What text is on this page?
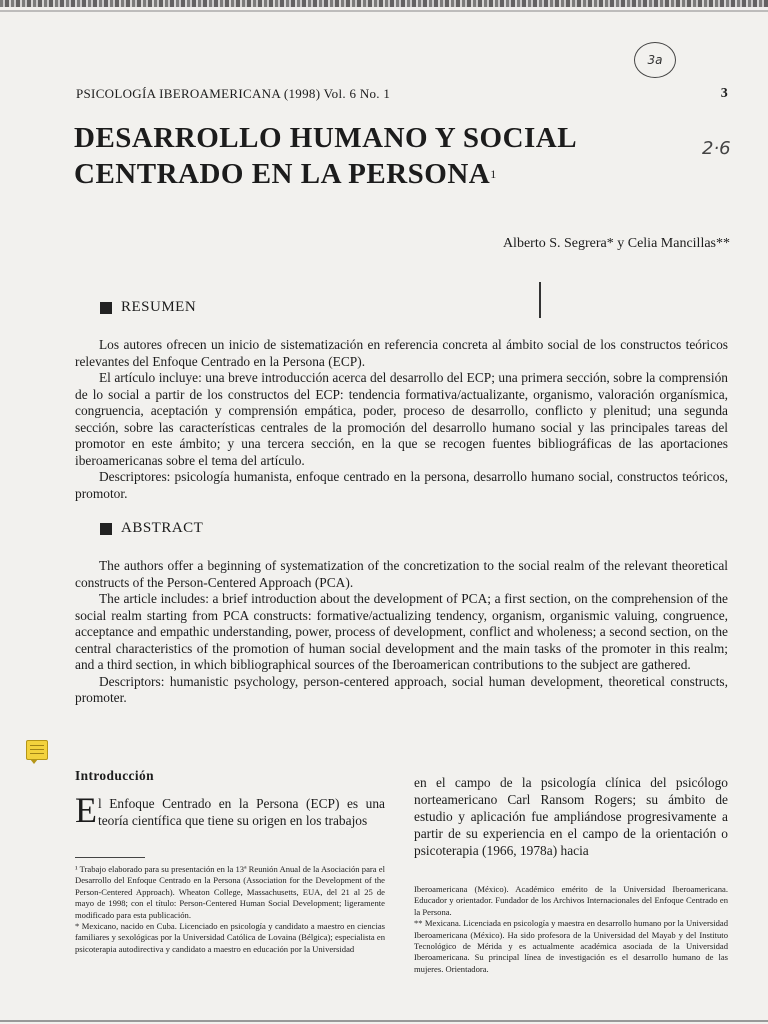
3a
2·6
PSICOLOGÍA IBEROAMERICANA (1998) Vol. 6 No. 1	3
DESARROLLO HUMANO Y SOCIAL
CENTRADO EN LA PERSONA$^1$
Alberto S. Segrera* y Celia Mancillas**
RESUMEN

Los autores ofrecen un inicio de sistematización en referencia concreta al ámbito social de los constructos teóricos relevantes del Enfoque Centrado en la Persona (ECP).

El artículo incluye: una breve introducción acerca del desarrollo del ECP; una primera sección, sobre la comprensión de lo social a partir de los constructos del ECP: tendencia formativa/actualizante, organismo, valoración organísmica, congruencia, aceptación y comprensión empática, poder, proceso de desarrollo, conflicto y plenitud; una segunda sección, sobre las características centrales de la promoción del desarrollo humano social y las principales tareas del promotor en este ámbito; y una tercera sección, en la que se recogen fuentes bibliográficas de las aportaciones iberoamericanas sobre el tema del artículo.

Descriptores: psicología humanista, enfoque centrado en la persona, desarrollo humano social, constructos teóricos, promotor.

ABSTRACT

The authors offer a beginning of systematization of the concretization to the social realm of the relevant theoretical constructs of the Person-Centered Approach (PCA).

The article includes: a brief introduction about the development of PCA; a first section, on the comprehension of the social realm starting from PCA constructs: formative/actualizing tendency, organism, organismic valuing, congruence, acceptance and empathic understanding, power, process of development, conflict and wholeness; a second section, on the central characteristics of the promotion of human social development and the main tasks of the promoter in this realm; and a third section, in which bibliographical sources of the Iberoamerican contributions to the subject are gathered.

Descriptors: humanistic psychology, person-centered approach, social human development, theoretical constructs, promoter.

Introducción
El Enfoque Centrado en la Persona (ECP) es una teoría científica que tiene su origen en los trabajos
en el campo de la psicología clínica del psicólogo norteamericano Carl Ransom Rogers; su ámbito de estudio y aplicación fue ampliándose progresivamente a partir de su experiencia en el campo de la orientación o psicoterapia (1966, 1978a) hacia

¹ Trabajo elaborado para su presentación en la 13ª Reunión Anual de la Asociación para el Desarrollo del Enfoque Centrado en la Persona (Association for the Development of the Person-Centered Approach). Wheaton College, Massachusetts, EUA, del 21 al 25 de mayo de 1998; con el título: Person-Centered Human Social Development; ligeramente modificado para esta publicación.

* Mexicano, nacido en Cuba. Licenciado en psicología y candidato a maestro en ciencias familiares y sexológicas por la Universidad Católica de Lovaina (Bélgica); especialista en psicoterapia autodirectiva y candidato a maestro en educación por la Universidad

Iberoamericana (México). Académico emérito de la Universidad Iberoamericana. Educador y orientador. Fundador de los Archivos Internacionales del Enfoque Centrado en la Persona.

** Mexicana. Licenciada en psicología y maestra en desarrollo humano por la Universidad Iberoamericana (México). Ha sido profesora de la Universidad del Mayab y del Instituto Tecnológico de Mérida y es actualmente académica asociada de la Universidad Iberoamericana. Su principal línea de investigación es el desarrollo humano de las mujeres. Orientadora.
